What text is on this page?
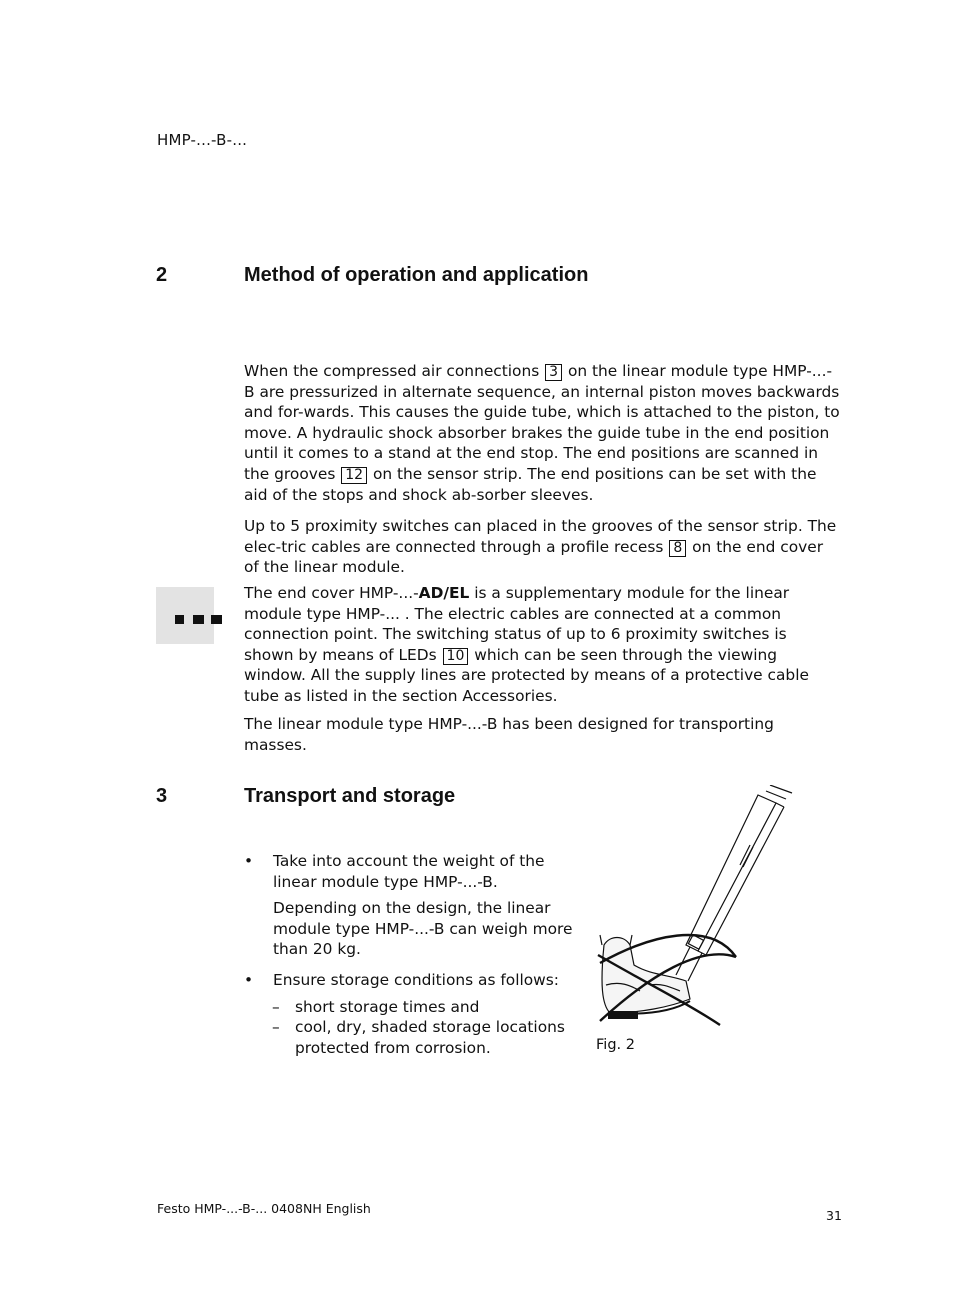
HMP-...-B-...
2	Method of operation and application

When the compressed air connections 3 on the linear module type HMP-...-B are pressurized in alternate sequence, an internal piston moves backwards and for-wards. This causes the guide tube, which is attached to the piston, to move. A hydraulic shock absorber brakes the guide tube in the end position until it comes to a stand at the end stop. The end positions are scanned in the grooves 12 on the sensor strip. The end positions can be set with the aid of the stops and shock ab-sorber sleeves.

Up to 5 proximity switches can placed in the grooves of the sensor strip. The elec-tric cables are connected through a profile recess 8 on the end cover of the linear module.

The end cover HMP-...-AD/EL is a supplementary module for the linear module type HMP-... . The electric cables are connected at a common connection point. The switching status of up to 6 proximity switches is shown by means of LEDs 10 which can be seen through the viewing window. All the supply lines are protected by means of a protective cable tube as listed in the section Accessories.

The linear module type HMP-...-B has been designed for transporting masses.

3	Transport and storage
• Take into account the weight of the linear module type HMP-...-B.
Depending on the design, the linear module type HMP-...-B can weigh more than 20 kg.
• Ensure storage conditions as follows:
– short storage times and
– cool, dry, shaded storage locations protected from corrosion.	Fig. 2
Festo HMP-...-B-... 0408NH English	31
